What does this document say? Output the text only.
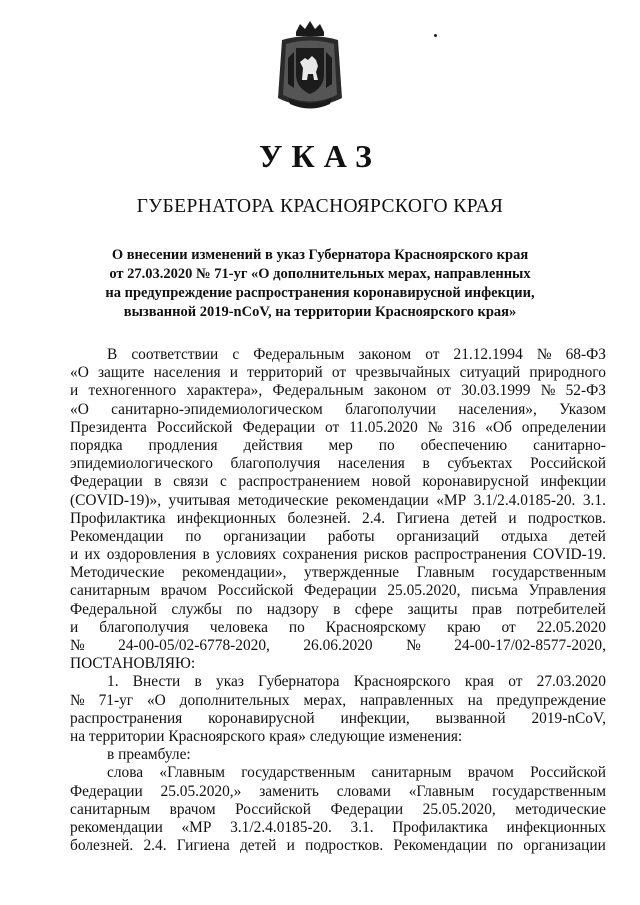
УКАЗ
ГУБЕРНАТОРА КРАСНОЯРСКОГО КРАЯ
О внесении изменений в указ Губернатора Красноярского края
от 27.03.2020 № 71-уг «О дополнительных мерах, направленных
на предупреждение распространения коронавирусной инфекции,
вызванной 2019-nCoV, на территории Красноярского края»
В соответствии с Федеральным законом от 21.12.1994 № 68-ФЗ
«О защите населения и территорий от чрезвычайных ситуаций природного
и техногенного характера», Федеральным законом от 30.03.1999 № 52-ФЗ
«О санитарно-эпидемиологическом благополучии населения», Указом
Президента Российской Федерации от 11.05.2020 № 316 «Об определении
порядка продления действия мер по обеспечению санитарно-
эпидемиологического благополучия населения в субъектах Российской
Федерации в связи с распространением новой коронавирусной инфекции
(COVID-19)», учитывая методические рекомендации «МР 3.1/2.4.0185-20. 3.1.
Профилактика инфекционных болезней. 2.4. Гигиена детей и подростков.
Рекомендации по организации работы организаций отдыха детей
и их оздоровления в условиях сохранения рисков распространения COVID-19.
Методические рекомендации», утвержденные Главным государственным
санитарным врачом Российской Федерации 25.05.2020, письма Управления
Федеральной службы по надзору в сфере защиты прав потребителей
и благополучия человека по Красноярскому краю от 22.05.2020
№ 24-00-05/02-6778-2020, 26.06.2020 № 24-00-17/02-8577-2020,
ПОСТАНОВЛЯЮ:
1. Внести в указ Губернатора Красноярского края от 27.03.2020
№ 71-уг «О дополнительных мерах, направленных на предупреждение
распространения коронавирусной инфекции, вызванной 2019-nCoV,
на территории Красноярского края» следующие изменения:
в преамбуле:
слова «Главным государственным санитарным врачом Российской
Федерации 25.05.2020,» заменить словами «Главным государственным
санитарным врачом Российской Федерации 25.05.2020, методические
рекомендации «МР 3.1/2.4.0185-20. 3.1. Профилактика инфекционных
болезней. 2.4. Гигиена детей и подростков. Рекомендации по организации
